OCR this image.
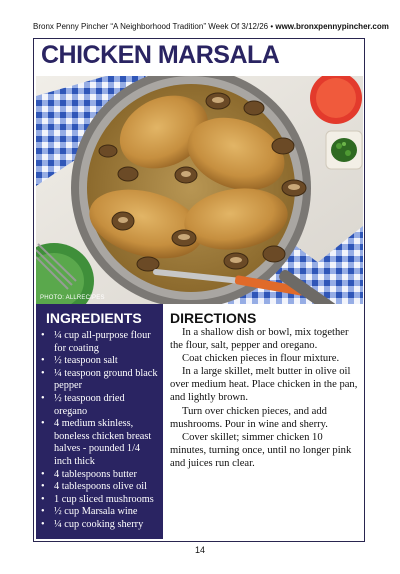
Bronx Penny Pincher “A Neighborhood Tradition” Week Of 3/12/26 • www.bronxpennypincher.com
CHICKEN MARSALA
PHOTO: ALLRECIPES
INGREDIENTS
• ¼ cup all-purpose flour for coating
• ½ teaspoon salt
• ¼ teaspoon ground black pepper
• ½ teaspoon dried oregano
• 4 medium skinless, boneless chicken breast halves - pounded 1/4 inch thick
• 4 tablespoons butter
• 4 tablespoons olive oil
• 1 cup sliced mushrooms
• ½ cup Marsala wine
• ¼ cup cooking sherry
DIRECTIONS

In a shallow dish or bowl, mix together the flour, salt, pepper and oregano.

Coat chicken pieces in flour mixture.

In a large skillet, melt butter in olive oil over medium heat. Place chicken in the pan, and lightly brown.

Turn over chicken pieces, and add mushrooms. Pour in wine and sherry.

Cover skillet; simmer chicken 10 minutes, turning once, until no longer pink and juices run clear.

14
